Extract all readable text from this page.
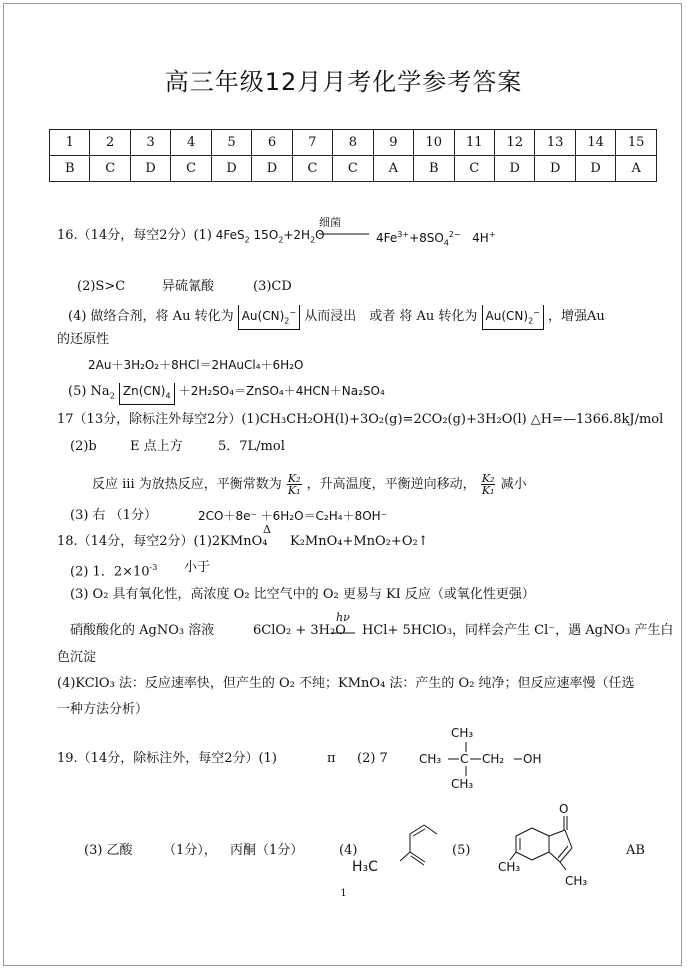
高三年级12月月考化学参考答案
1	2	3	4	5	6	7	8	9	10	11	12	13	14	15
B	C	D	C	D	D	C	C	A	B	C	D	D	D	A
16.（14分，每空2分）(1) 4FeS$_2$ $15O_2+2H_2O$
细菌
$4Fe^{3+}+8SO_4^{2-}$ 4H+
(2)S>C	异硫氰酸	(3)CD
(4) 做络合剂，将 Au 转化为 $Au(CN)_2^-$ 从而浸出　或者 将 Au 转化为 $Au(CN)_2^-$ ，增强Au
的还原性
2Au＋3H₂O₂＋8HCl＝2HAuCl₄＋6H₂O
(5) $Na_2$ $Zn(CN)_4$ ＋2H₂SO₄＝ZnSO₄＋4HCN＋Na₂SO₄
17（13分，除标注外每空2分）(1)CH₃CH₂OH(l)+3O₂(g)=2CO₂(g)+3H₂O(l) △H=—1366.8kJ/mol
(2)b	E 点上方	5．7L/mol
反应 iii 为放热反应，平衡常数为 $\frac{\text{K₂}}{\text{K₁}}$ ，升高温度，平衡逆向移动， $\frac{\text{K₂}}{\text{K₁}}$ 减小
(3) 右 （1分）	2CO＋8e⁻ ＋6H₂O＝C₂H₄＋8OH⁻
18.（14分，每空2分）(1)2KMnO₄
Δ
K₂MnO₄+MnO₂+O₂↑
(2) 1．$2\times 10^{-3}$ 小于
(3) O₂ 具有氧化性，高浓度 O₂ 比空气中的 O₂ 更易与 KI 反应（或氧化性更强）
硝酸酸化的 AgNO₃ 溶液	6ClO₂ + 3H₂O
hν
HCl+ 5HClO₃，同样会产生 Cl⁻，遇 AgNO₃ 产生白
色沉淀
(4)KClO₃ 法：反应速率快，但产生的 O₂ 不纯；KMnO₄ 法：产生的 O₂ 纯净；但反应速率慢（任选
一种方法分析）
19.（14分，除标注外，每空2分）(1)	π (2) 7
CH₃
CH₃ C CH₂ OH
CH₃
(3) 乙酸 （1分）， 丙酮（1分）	(4)
H₃C
(5)
O
CH₃
CH₃
AB
1
